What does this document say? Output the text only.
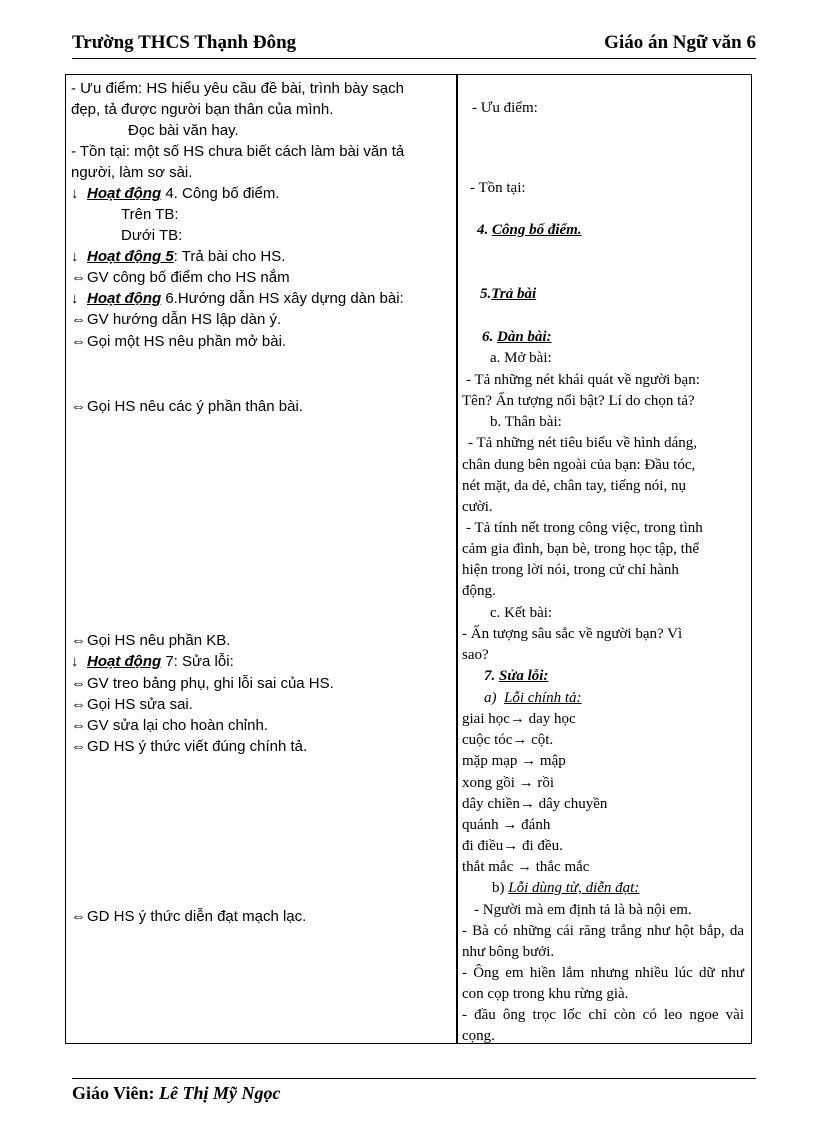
Trường THCS Thạnh Đông	Giáo án Ngữ văn 6
- Ưu điểm: HS hiểu yêu cầu đề bài, trình bày sạch
đẹp, tả được người bạn thân của mình.
Đọc bài văn hay.
- Tồn tại: một số HS chưa biết cách làm bài văn tả
người, làm sơ sài.
↓ Hoạt động 4. Công bố điểm.
Trên TB:
Dưới TB:
↓ Hoạt động 5: Trả bài cho HS.
⇔GV công bố điểm cho HS nắm
↓ Hoạt động 6.Hướng dẫn HS xây dựng dàn bài:
⇔GV hướng dẫn HS lập dàn ý.
⇔Gọi một HS nêu phần mở bài.
⇔Gọi HS nêu các ý phần thân bài.
⇔Gọi HS nêu phần KB.
↓ Hoạt động 7: Sửa lỗi:
⇔GV treo bảng phụ, ghi lỗi sai của HS.
⇔Gọi HS sửa sai.
⇔GV sửa lại cho hoàn chỉnh.
⇔GD HS ý thức viết đúng chính tả.
⇔GD HS ý thức diễn đạt mạch lạc.
- Ưu điểm:
- Tồn tại:
4. Công bố điểm.
5.Trả bài
6. Dàn bài:
a. Mở bài:
- Tả những nét khái quát về người bạn:
Tên? Ấn tượng nổi bật? Lí do chọn tả?
b. Thân bài:
- Tả những nét tiêu biểu về hình dáng,
chân dung bên ngoài của bạn: Đầu tóc,
nét mặt, da dẻ, chân tay, tiếng nói, nụ
cười.
- Tả tính nết trong công việc, trong tình
cảm gia đình, bạn bè, trong học tập, thể
hiện trong lời nói, trong cử chỉ hành
động.
c. Kết bài:
- Ấn tượng sâu sắc về người bạn? Vì
sao?
7. Sửa lỗi:
a) Lỗi chính tả:
giai học→ day học
cuộc tóc→ cột.
mặp mạp → mập
xong gồi → rồi
dây chiền→ dây chuyền
quánh → đánh
đi điều→ đi đều.
thắt mắc → thắc mắc
b) Lỗi dùng từ, diễn đạt:
- Người mà em định tả là bà nội em.
- Bà có những cái răng trắng như hột bắp, da như bông bưởi.
- Ông em hiền lắm nhưng nhiều lúc dữ như con cọp trong khu rừng già.
- đầu ông trọc lốc chỉ còn có leo ngoe vài cọng.
Giáo Viên: Lê Thị Mỹ Ngọc
